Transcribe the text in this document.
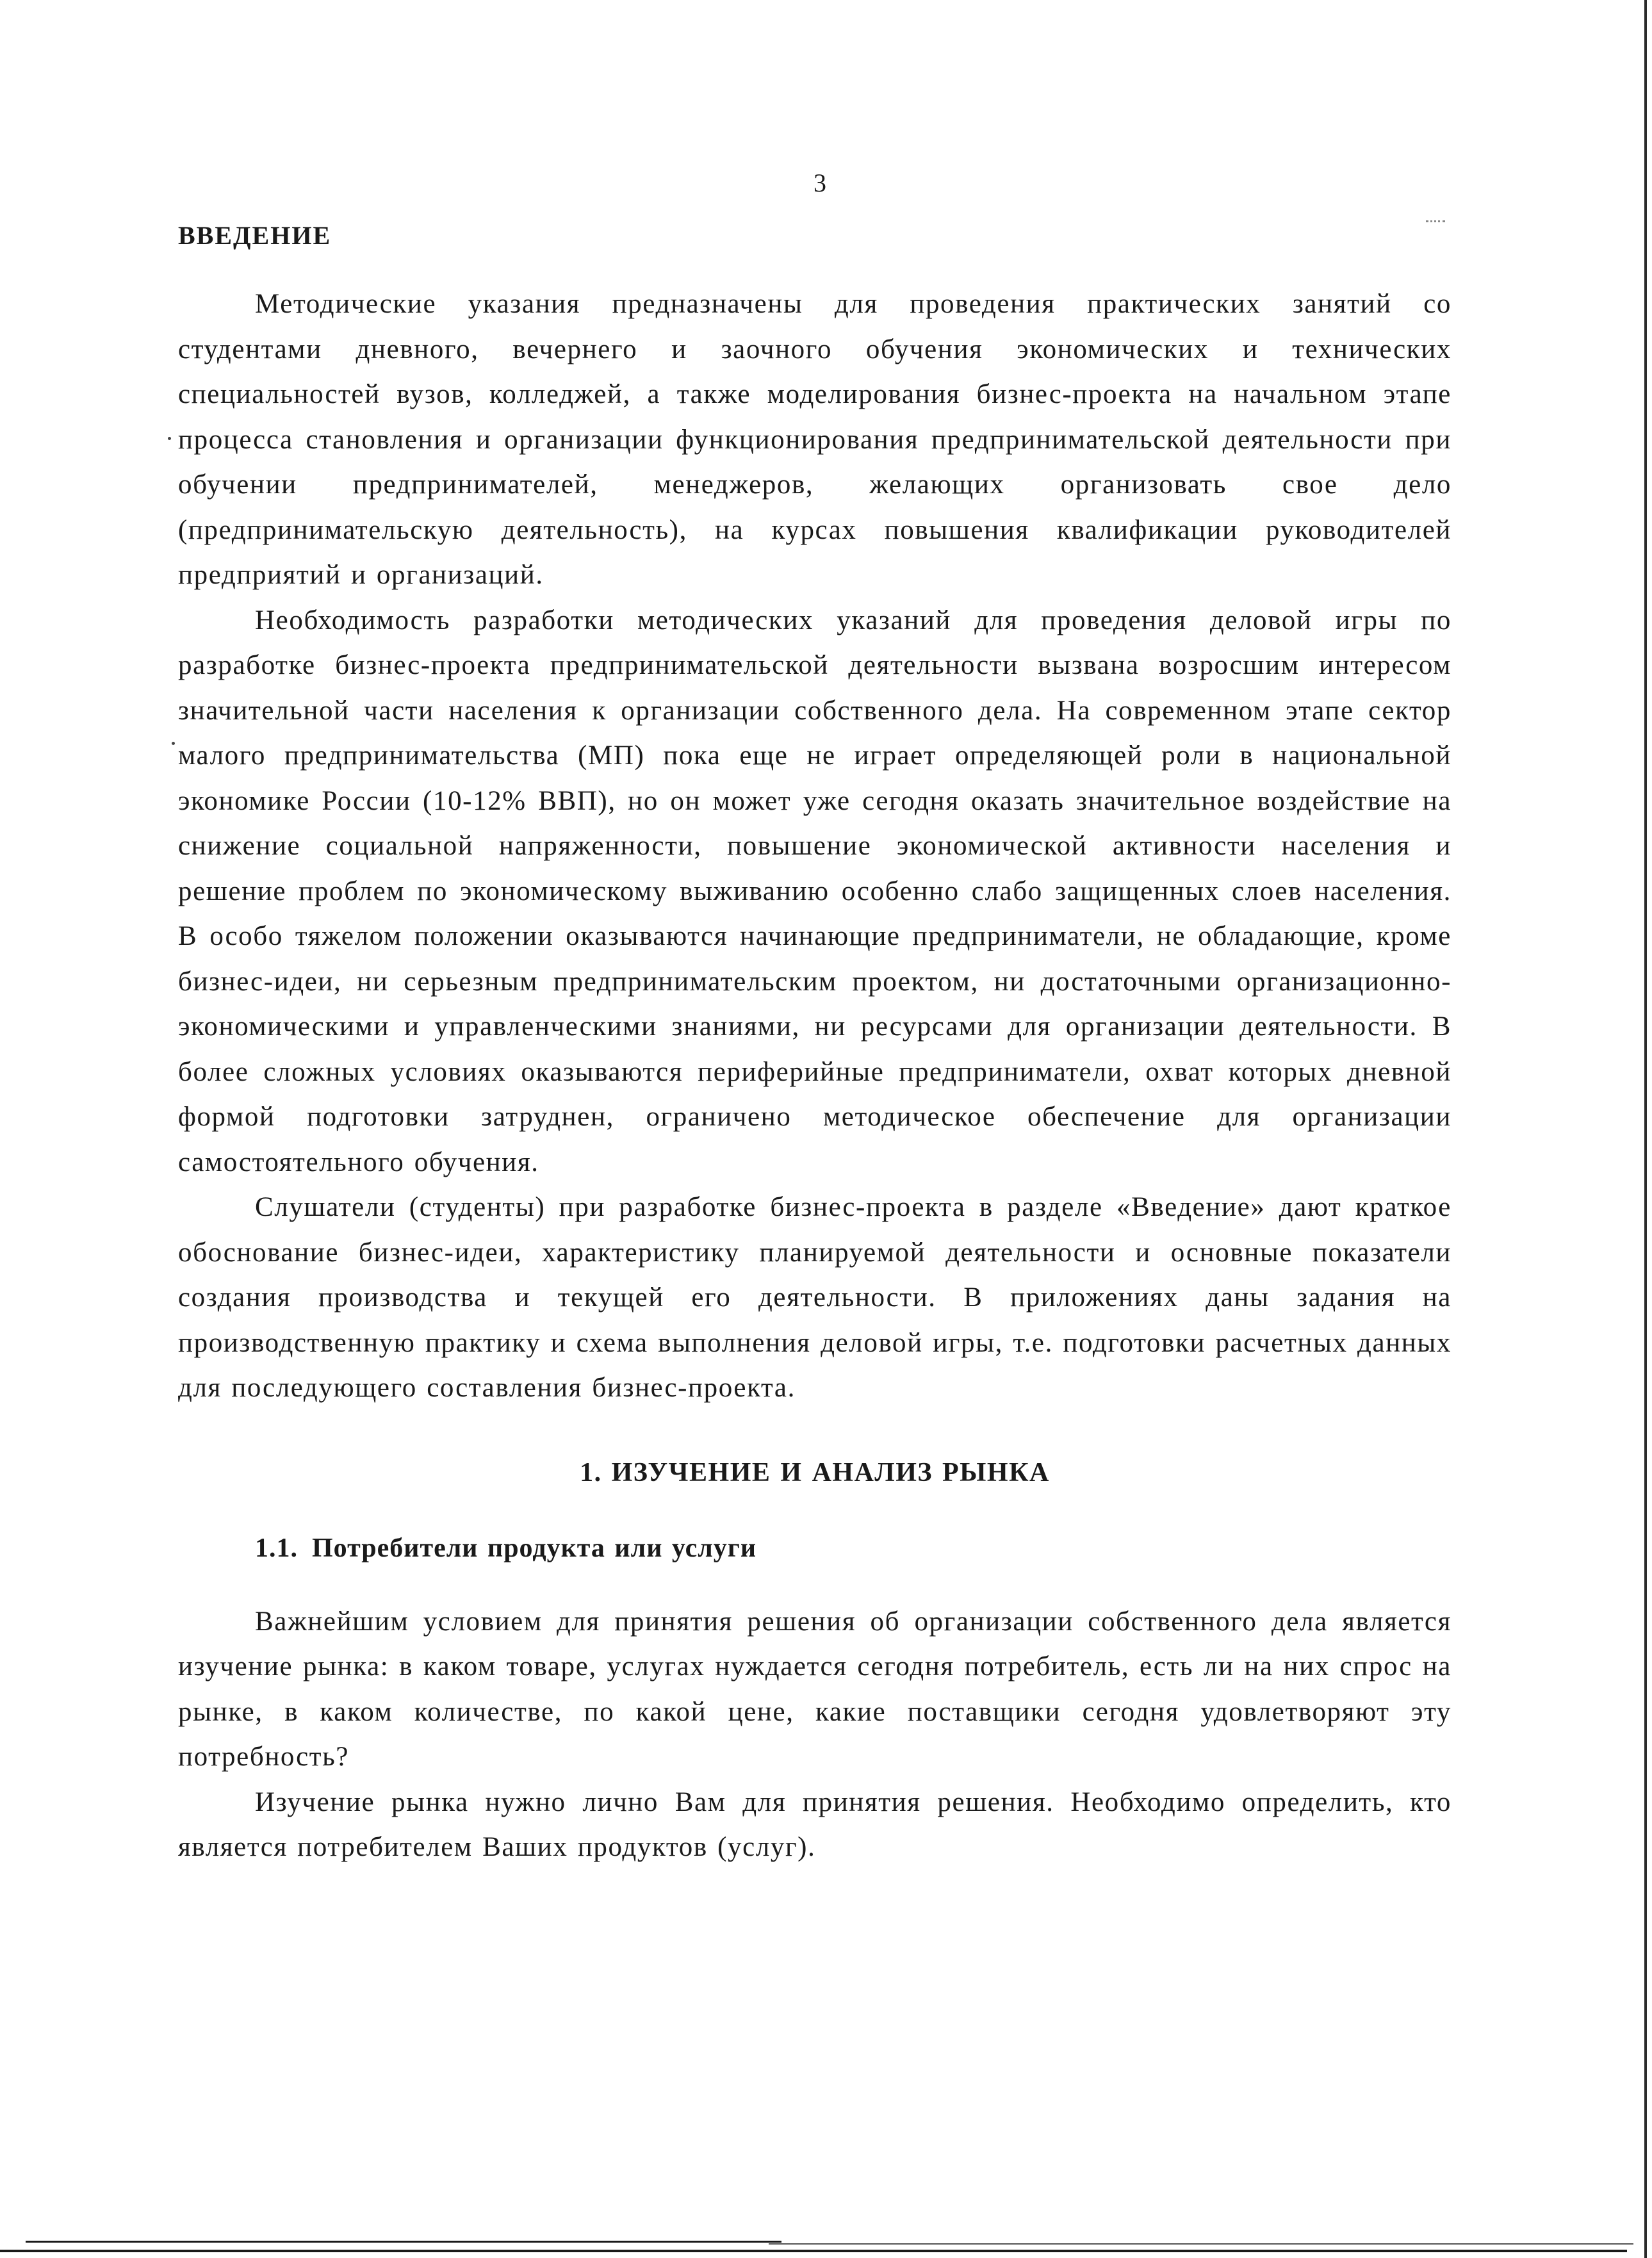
3
ВВЕДЕНИЕ

Методические указания предназначены для проведения практических занятий со студентами дневного, вечернего и заочного обучения экономических и технических специальностей вузов, колледжей, а также моделирования бизнес-проекта на начальном этапе процесса становления и организации функционирования предпринимательской деятельности при обучении предпринимателей, менеджеров, желающих организовать свое дело (предпринимательскую деятельность), на курсах повышения квалификации руководителей предприятий и организаций.

Необходимость разработки методических указаний для проведения деловой игры по разработке бизнес-проекта предпринимательской деятельности вызвана возросшим интересом значительной части населения к организации собственного дела. На современном этапе сектор малого предпринимательства (МП) пока еще не играет определяющей роли в национальной экономике России (10-12% ВВП), но он может уже сегодня оказать значительное воздействие на снижение социальной напряженности, повышение экономической активности населения и решение проблем по экономическому выживанию особенно слабо защищенных слоев населения. В особо тяжелом положении оказываются начинающие предприниматели, не обладающие, кроме бизнес-идеи, ни серьезным предпринимательским проектом, ни достаточными организационно-экономическими и управленческими знаниями, ни ресурсами для организации деятельности. В более сложных условиях оказываются периферийные предприниматели, охват которых дневной формой подготовки затруднен, ограничено методическое обеспечение для организации самостоятельного обучения.

Слушатели (студенты) при разработке бизнес-проекта в разделе «Введение» дают краткое обоснование бизнес-идеи, характеристику планируемой деятельности и основные показатели создания производства и текущей его деятельности. В приложениях даны задания на производственную практику и схема выполнения деловой игры, т.е. подготовки расчетных данных для последующего составления бизнес-проекта.

1. ИЗУЧЕНИЕ И АНАЛИЗ РЫНКА
1.1. Потребители продукта или услуги

Важнейшим условием для принятия решения об организации собственного дела является изучение рынка: в каком товаре, услугах нуждается сегодня потребитель, есть ли на них спрос на рынке, в каком количестве, по какой цене, какие поставщики сегодня удовлетворяют эту потребность?

Изучение рынка нужно лично Вам для принятия решения. Необходимо определить, кто является потребителем Ваших продуктов (услуг).
